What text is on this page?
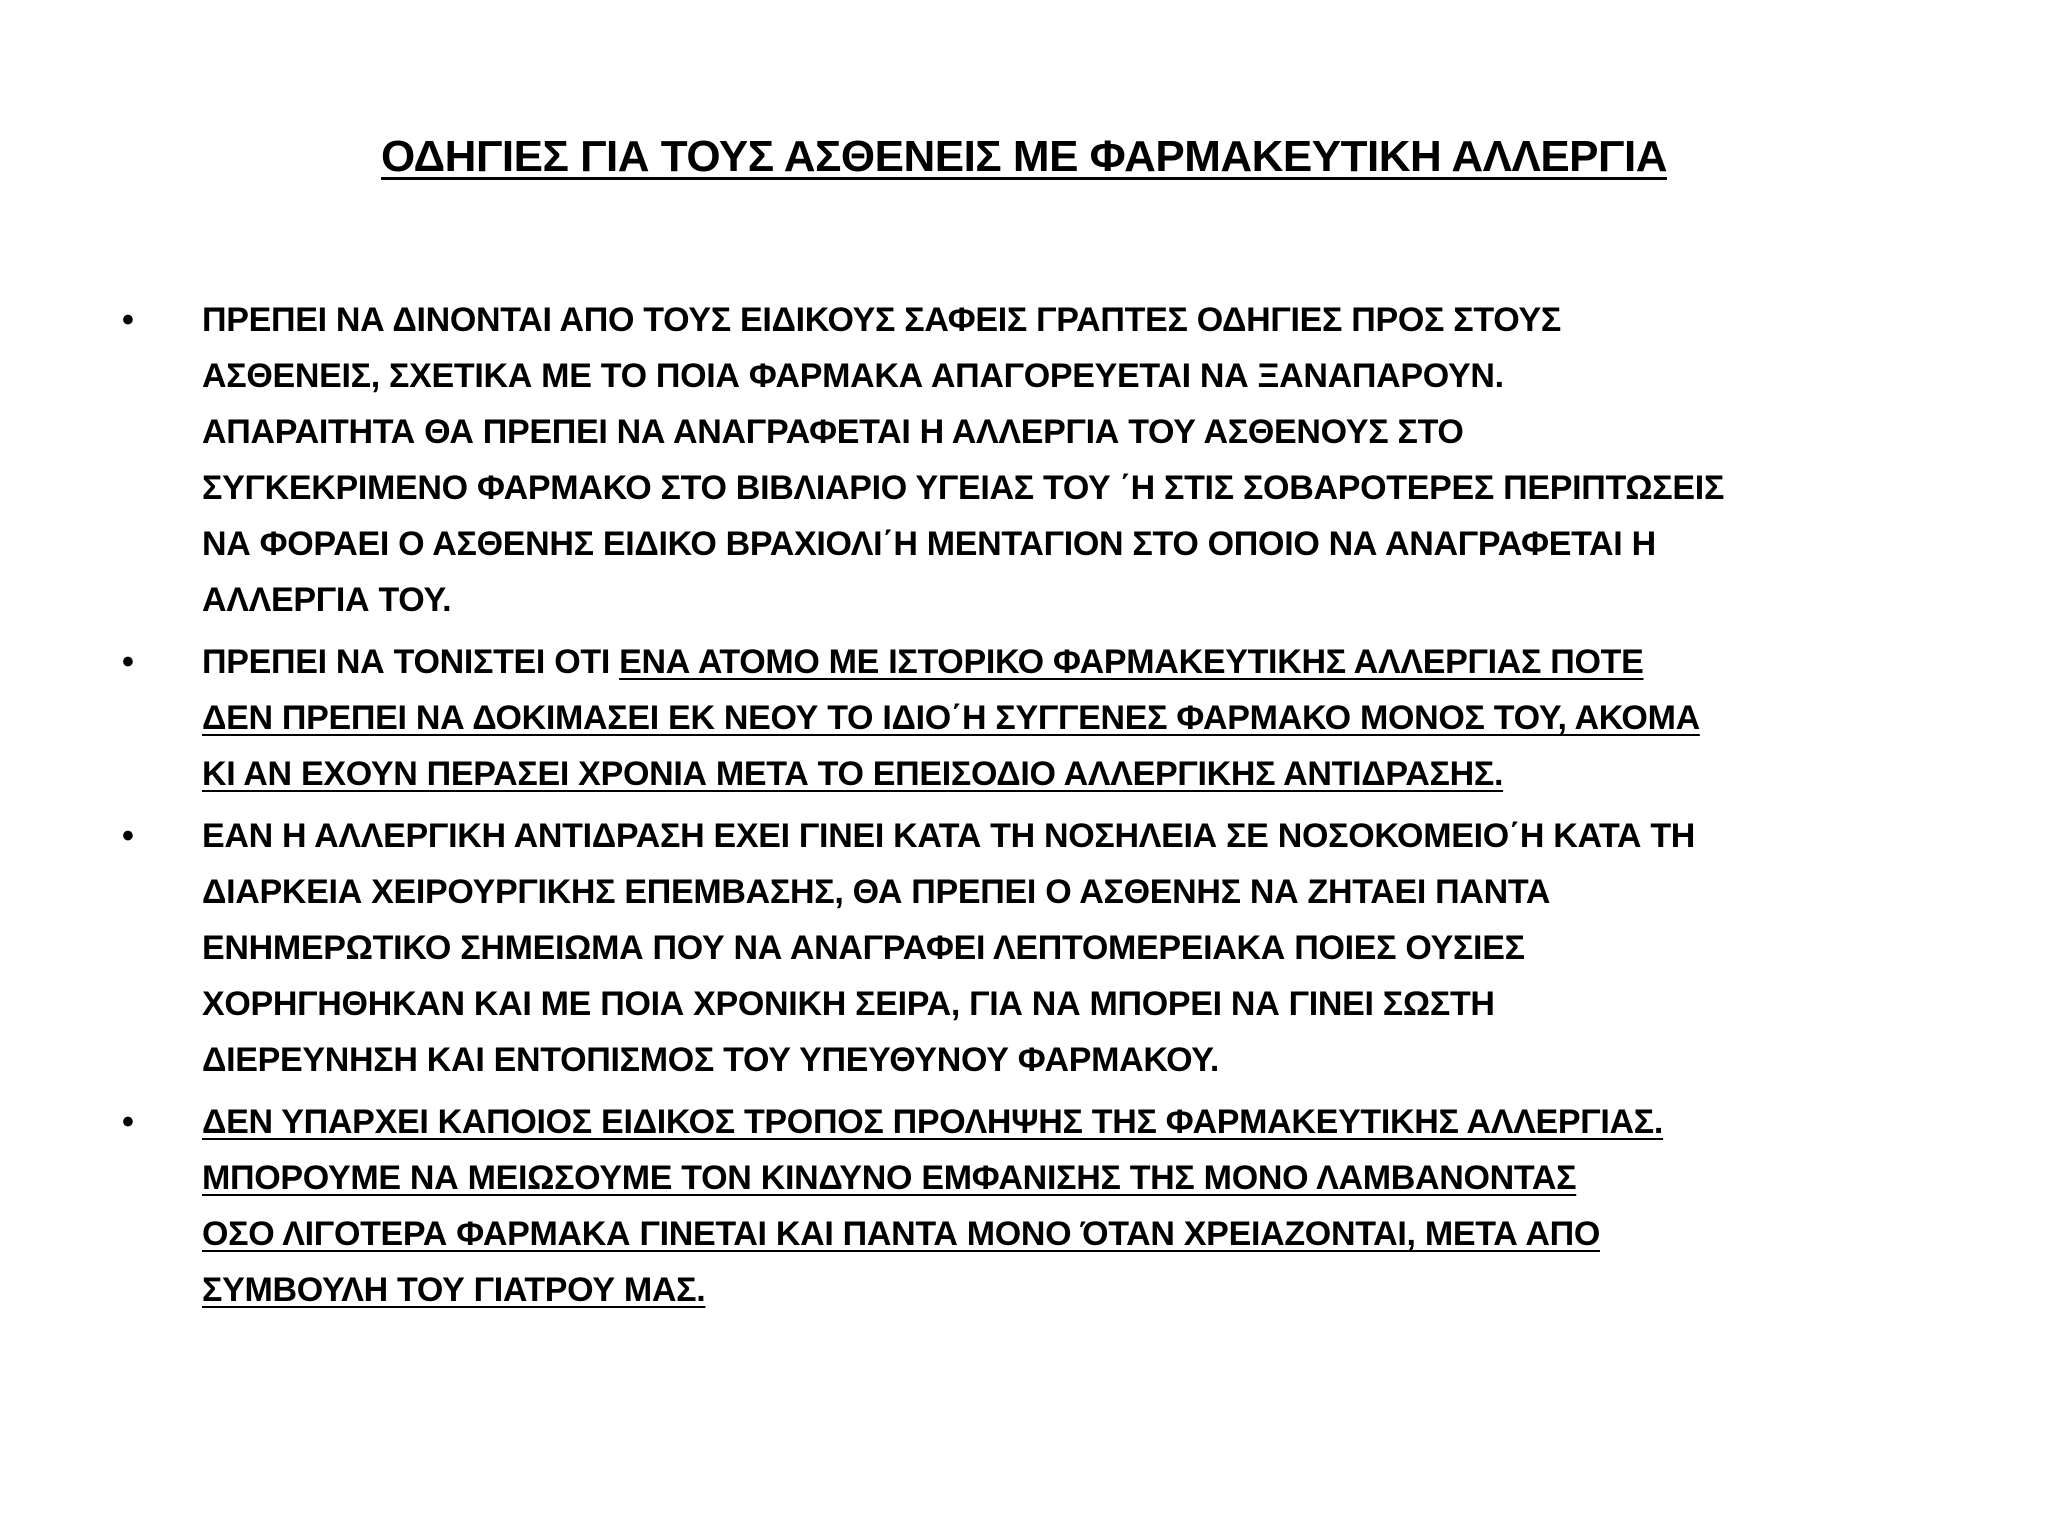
ΟΔΗΓΙΕΣ ΓΙΑ ΤΟΥΣ ΑΣΘΕΝΕΙΣ ΜΕ ΦΑΡΜΑΚΕΥΤΙΚΗ ΑΛΛΕΡΓΙΑ
• ΠΡΕΠΕΙ ΝΑ ΔΙΝΟΝΤΑΙ ΑΠΟ ΤΟΥΣ ΕΙΔΙΚΟΥΣ ΣΑΦΕΙΣ ΓΡΑΠΤΕΣ ΟΔΗΓΙΕΣ ΠΡΟΣ ΣΤΟΥΣ
ΑΣΘΕΝΕΙΣ, ΣΧΕΤΙΚΑ ΜΕ ΤΟ ΠΟΙΑ ΦΑΡΜΑΚΑ ΑΠΑΓΟΡΕΥΕΤΑΙ ΝΑ ΞΑΝΑΠΑΡΟΥΝ.
ΑΠΑΡΑΙΤΗΤΑ ΘΑ ΠΡΕΠΕΙ ΝΑ ΑΝΑΓΡΑΦΕΤΑΙ Η ΑΛΛΕΡΓΙΑ ΤΟΥ ΑΣΘΕΝΟΥΣ ΣΤΟ
ΣΥΓΚΕΚΡΙΜΕΝΟ ΦΑΡΜΑΚΟ ΣΤΟ ΒΙΒΛΙΑΡΙΟ ΥΓΕΙΑΣ ΤΟΥ ΄Η ΣΤΙΣ ΣΟΒΑΡΟΤΕΡΕΣ ΠΕΡΙΠΤΩΣΕΙΣ
ΝΑ ΦΟΡΑΕΙ Ο ΑΣΘΕΝΗΣ ΕΙΔΙΚΟ ΒΡΑΧΙΟΛΙ΄Η ΜΕΝΤΑΓΙΟΝ ΣΤΟ ΟΠΟΙΟ ΝΑ ΑΝΑΓΡΑΦΕΤΑΙ Η
ΑΛΛΕΡΓΙΑ ΤΟΥ.
• ΠΡΕΠΕΙ ΝΑ ΤΟΝΙΣΤΕΙ ΟΤΙ ΕΝΑ ΑΤΟΜΟ ΜΕ ΙΣΤΟΡΙΚΟ ΦΑΡΜΑΚΕΥΤΙΚΗΣ ΑΛΛΕΡΓΙΑΣ ΠΟΤΕ
ΔΕΝ ΠΡΕΠΕΙ ΝΑ ΔΟΚΙΜΑΣΕΙ ΕΚ ΝΕΟΥ ΤΟ ΙΔΙΟ΄Η ΣΥΓΓΕΝΕΣ ΦΑΡΜΑΚΟ ΜΟΝΟΣ ΤΟΥ, ΑΚΟΜΑ
ΚΙ ΑΝ ΕΧΟΥΝ ΠΕΡΑΣΕΙ ΧΡΟΝΙΑ ΜΕΤΑ ΤΟ ΕΠΕΙΣΟΔΙΟ ΑΛΛΕΡΓΙΚΗΣ ΑΝΤΙΔΡΑΣΗΣ.
• ΕΑΝ Η ΑΛΛΕΡΓΙΚΗ ΑΝΤΙΔΡΑΣΗ ΕΧΕΙ ΓΙΝΕΙ ΚΑΤΑ ΤΗ ΝΟΣΗΛΕΙΑ ΣΕ ΝΟΣΟΚΟΜΕΙΟ΄Η ΚΑΤΑ ΤΗ
ΔΙΑΡΚΕΙΑ ΧΕΙΡΟΥΡΓΙΚΗΣ ΕΠΕΜΒΑΣΗΣ, ΘΑ ΠΡΕΠΕΙ Ο ΑΣΘΕΝΗΣ ΝΑ ΖΗΤΑΕΙ ΠΑΝΤΑ
ΕΝΗΜΕΡΩΤΙΚΟ ΣΗΜΕΙΩΜΑ ΠΟΥ ΝΑ ΑΝΑΓΡΑΦΕΙ ΛΕΠΤΟΜΕΡΕΙΑΚΑ ΠΟΙΕΣ ΟΥΣΙΕΣ
ΧΟΡΗΓΗΘΗΚΑΝ ΚΑΙ ΜΕ ΠΟΙΑ ΧΡΟΝΙΚΗ ΣΕΙΡΑ, ΓΙΑ ΝΑ ΜΠΟΡΕΙ ΝΑ ΓΙΝΕΙ ΣΩΣΤΗ
ΔΙΕΡΕΥΝΗΣΗ ΚΑΙ ΕΝΤΟΠΙΣΜΟΣ ΤΟΥ ΥΠΕΥΘΥΝΟΥ ΦΑΡΜΑΚΟΥ.
• ΔΕΝ ΥΠΑΡΧΕΙ ΚΑΠΟΙΟΣ ΕΙΔΙΚΟΣ ΤΡΟΠΟΣ ΠΡΟΛΗΨΗΣ ΤΗΣ ΦΑΡΜΑΚΕΥΤΙΚΗΣ ΑΛΛΕΡΓΙΑΣ.
ΜΠΟΡΟΥΜΕ ΝΑ ΜΕΙΩΣΟΥΜΕ ΤΟΝ ΚΙΝΔΥΝΟ ΕΜΦΑΝΙΣΗΣ ΤΗΣ ΜΟΝΟ ΛΑΜΒΑΝΟΝΤΑΣ
ΟΣΟ ΛΙΓΟΤΕΡΑ ΦΑΡΜΑΚΑ ΓΙΝΕΤΑΙ ΚΑΙ ΠΑΝΤΑ ΜΟΝΟ ΌΤΑΝ ΧΡΕΙΑΖΟΝΤΑΙ, ΜΕΤΑ ΑΠΟ
ΣΥΜΒΟΥΛΗ ΤΟΥ ΓΙΑΤΡΟΥ ΜΑΣ.
